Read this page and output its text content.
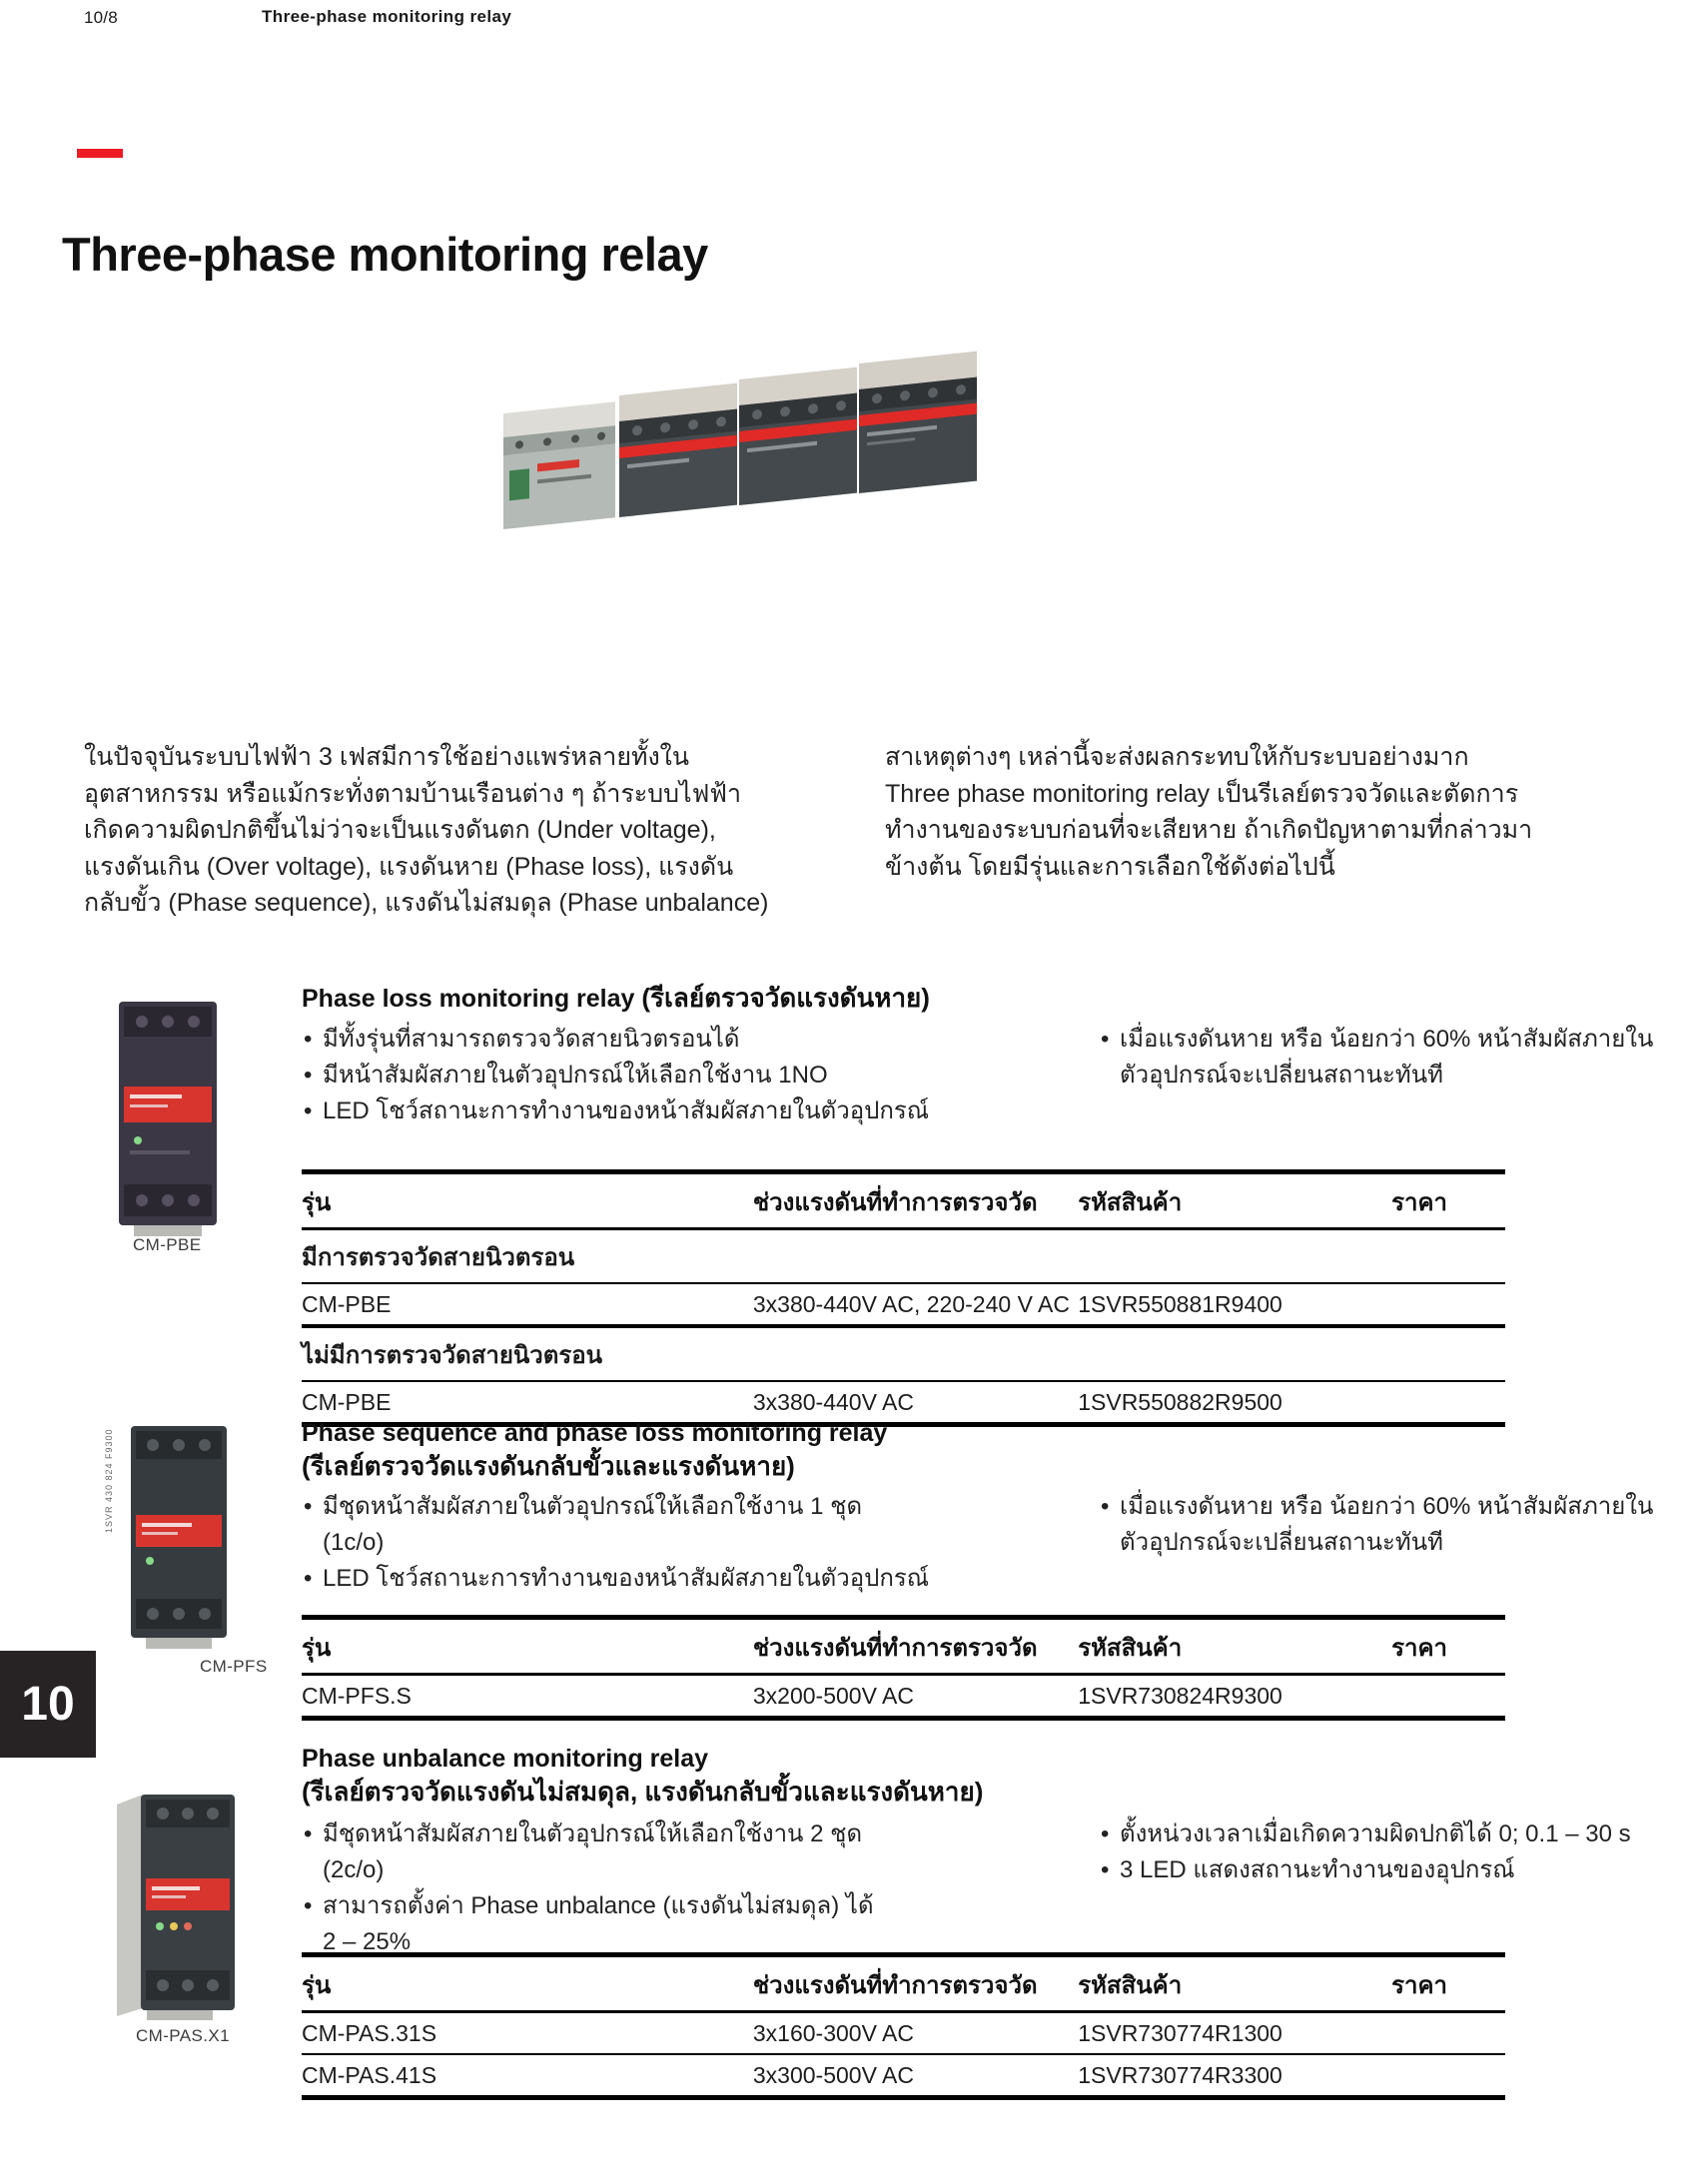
10/8	Three-phase monitoring relay
Three-phase monitoring relay
ในปัจจุบันระบบไฟฟ้า 3 เฟสมีการใช้อย่างแพร่หลายทั้งใน
อุตสาหกรรม หรือแม้กระทั่งตามบ้านเรือนต่าง ๆ ถ้าระบบไฟฟ้า
เกิดความผิดปกติขึ้นไม่ว่าจะเป็นแรงดันตก (Under voltage),
แรงดันเกิน (Over voltage), แรงดันหาย (Phase loss), แรงดัน
กลับขั้ว (Phase sequence), แรงดันไม่สมดุล (Phase unbalance)
สาเหตุต่างๆ เหล่านี้จะส่งผลกระทบให้กับระบบอย่างมาก
Three phase monitoring relay เป็นรีเลย์ตรวจวัดและตัดการ
ทำงานของระบบก่อนที่จะเสียหาย ถ้าเกิดปัญหาตามที่กล่าวมา
ข้างต้น โดยมีรุ่นและการเลือกใช้ดังต่อไปนี้
CM-PBE
Phase loss monitoring relay (รีเลย์ตรวจวัดแรงดันหาย)
• มีทั้งรุ่นที่สามารถตรวจวัดสายนิวตรอนได้
• มีหน้าสัมผัสภายในตัวอุปกรณ์ให้เลือกใช้งาน 1NO
• LED โชว์สถานะการทำงานของหน้าสัมผัสภายในตัวอุปกรณ์
• เมื่อแรงดันหาย หรือ น้อยกว่า 60% หน้าสัมผัสภายใน
ตัวอุปกรณ์จะเปลี่ยนสถานะทันที
รุ่น	ช่วงแรงดันที่ทำการตรวจวัด	รหัสสินค้า	ราคา
มีการตรวจวัดสายนิวตรอน			
CM-PBE	3x380-440V AC, 220-240 V AC	1SVR550881R9400	
ไม่มีการตรวจวัดสายนิวตรอน			
CM-PBE	3x380-440V AC	1SVR550882R9500	
1SVR 430 824 F9300
CM-PFS
Phase sequence and phase loss monitoring relay
(รีเลย์ตรวจวัดแรงดันกลับขั้วและแรงดันหาย)
• มีชุดหน้าสัมผัสภายในตัวอุปกรณ์ให้เลือกใช้งาน 1 ชุด
(1c/o)
• LED โชว์สถานะการทำงานของหน้าสัมผัสภายในตัวอุปกรณ์
• เมื่อแรงดันหาย หรือ น้อยกว่า 60% หน้าสัมผัสภายใน
ตัวอุปกรณ์จะเปลี่ยนสถานะทันที
รุ่น	ช่วงแรงดันที่ทำการตรวจวัด	รหัสสินค้า	ราคา
CM-PFS.S	3x200-500V AC	1SVR730824R9300	
CM-PAS.X1
Phase unbalance monitoring relay
(รีเลย์ตรวจวัดแรงดันไม่สมดุล, แรงดันกลับขั้วและแรงดันหาย)
• มีชุดหน้าสัมผัสภายในตัวอุปกรณ์ให้เลือกใช้งาน 2 ชุด
(2c/o)
• สามารถตั้งค่า Phase unbalance (แรงดันไม่สมดุล) ได้
2 – 25%
• ตั้งหน่วงเวลาเมื่อเกิดความผิดปกติได้ 0; 0.1 – 30 s
• 3 LED แสดงสถานะทำงานของอุปกรณ์
รุ่น	ช่วงแรงดันที่ทำการตรวจวัด	รหัสสินค้า	ราคา
CM-PAS.31S	3x160-300V AC	1SVR730774R1300	
CM-PAS.41S	3x300-500V AC	1SVR730774R3300	
10
